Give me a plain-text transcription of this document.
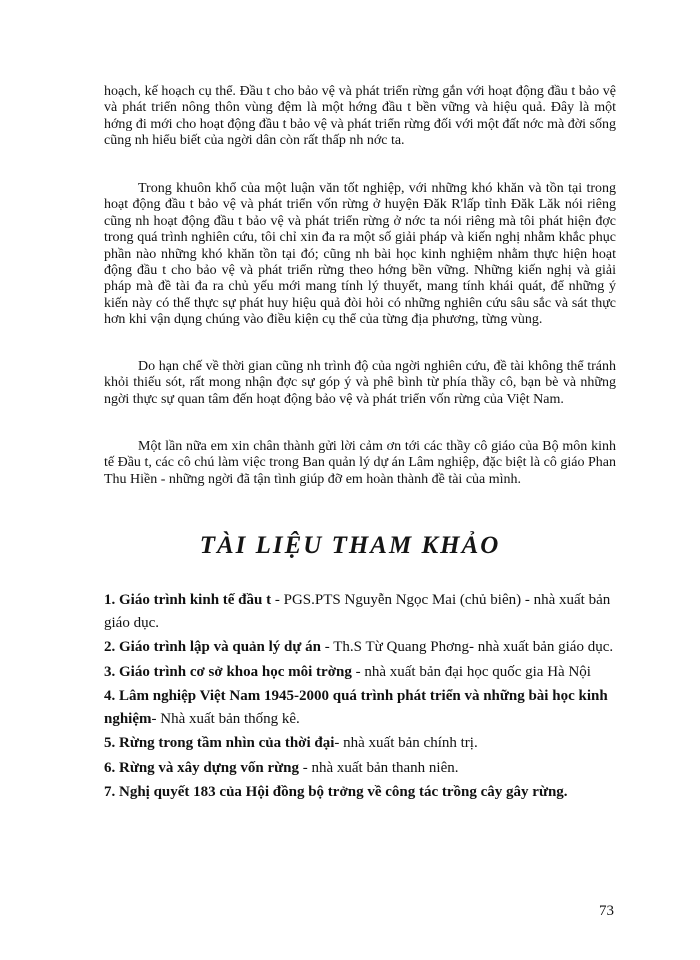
hoạch, kế hoạch cụ thể. Đầu t cho bảo vệ và phát triển rừng gắn với hoạt động đầu t bảo vệ và phát triển nông thôn vùng đệm là một hớng đầu t bền vững và hiệu quả. Đây là một hớng đi mới cho hoạt động đầu t bảo vệ và phát triển rừng đối với một đất nớc mà đời sống cũng nh hiểu biết của ngời dân còn rất thấp nh nớc ta.

Trong khuôn khổ của một luận văn tốt nghiệp, với những khó khăn và tồn tại trong hoạt động đầu t bảo vệ và phát triển vốn rừng ở huyện Đăk R'lấp tỉnh Đăk Lăk nói riêng cũng nh hoạt động đầu t bảo vệ và phát triển rừng ở nớc ta nói riêng mà tôi phát hiện đợc trong quá trình nghiên cứu, tôi chỉ xin đa ra một số giải pháp và kiến nghị nhằm khắc phục phần nào những khó khăn tồn tại đó; cũng nh bài học kinh nghiệm nhằm thực hiện hoạt động đầu t cho bảo vệ và phát triển rừng theo hớng bền vững. Những kiến nghị và giải pháp mà đề tài đa ra chủ yếu mới mang tính lý thuyết, mang tính khái quát, để những ý kiến này có thể thực sự phát huy hiệu quả đòi hỏi có những nghiên cứu sâu sắc và sát thực hơn khi vận dụng chúng vào điều kiện cụ thể của từng địa phương, từng vùng.

Do hạn chế về thời gian cũng nh trình độ của ngời nghiên cứu, đề tài không thể tránh khỏi thiếu sót, rất mong nhận đợc sự góp ý và phê bình từ phía thầy cô, bạn bè và những ngời thực sự quan tâm đến hoạt động bảo vệ và phát triển vốn rừng của Việt Nam.

Một lần nữa em xin chân thành gửi lời cảm ơn tới các thầy cô giáo của Bộ môn kinh tế Đầu t, các cô chú làm việc trong Ban quản lý dự án Lâm nghiệp, đặc biệt là cô giáo Phan Thu Hiền - những ngời đã tận tình giúp đỡ em hoàn thành đề tài của mình.

TÀI LIỆU THAM KHẢO
1. Giáo trình kinh tế đầu t - PGS.PTS Nguyễn Ngọc Mai (chủ biên) - nhà xuất bản giáo dục.
2. Giáo trình lập và quản lý dự án - Th.S Từ Quang Phơng- nhà xuất bản giáo dục.
3. Giáo trình cơ sở khoa học môi trờng - nhà xuất bản đại học quốc gia Hà Nội
4. Lâm nghiệp Việt Nam 1945-2000 quá trình phát triển và những bài học kinh nghiệm- Nhà xuất bản thống kê.
5. Rừng trong tầm nhìn của thời đại- nhà xuất bản chính trị.
6. Rừng và xây dựng vốn rừng - nhà xuất bản thanh niên.
7. Nghị quyết 183 của Hội đồng bộ trởng về công tác trồng cây gây rừng.

73
